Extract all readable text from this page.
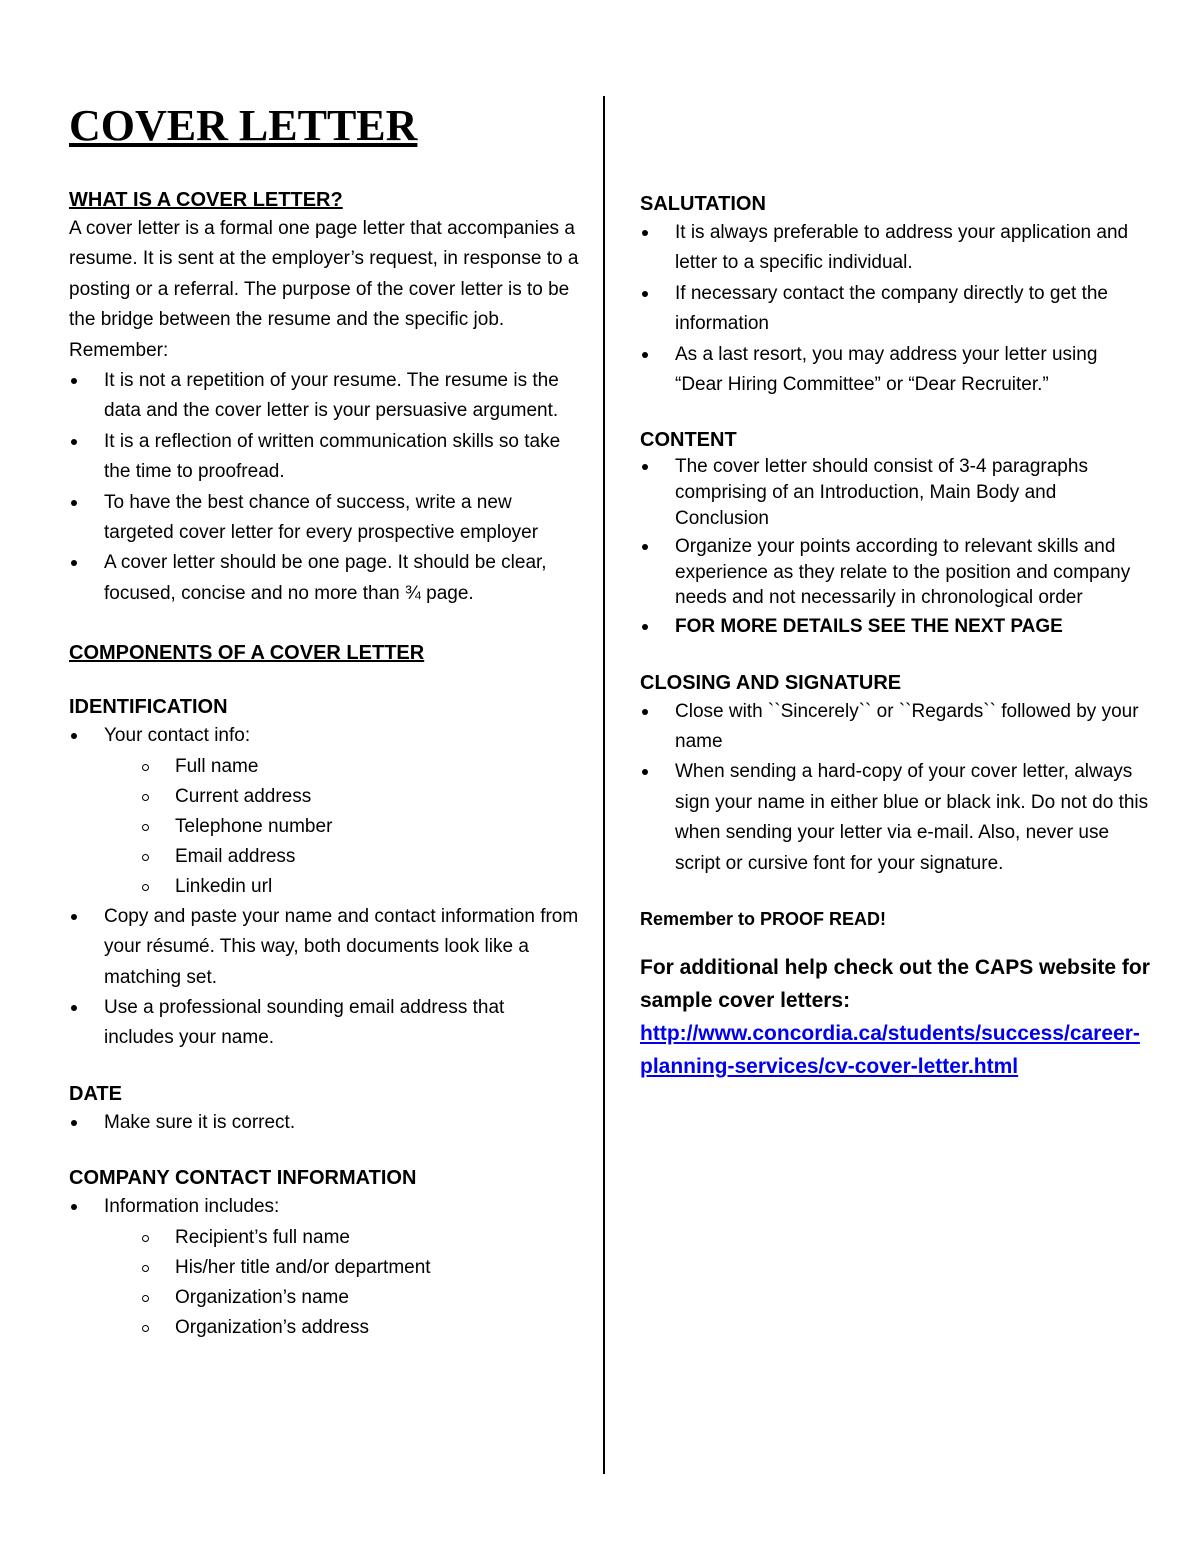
COVER LETTER
WHAT IS A COVER LETTER?

A cover letter is a formal one page letter that accompanies a resume. It is sent at the employer’s request, in response to a posting or a referral. The purpose of the cover letter is to be the bridge between the resume and the specific job.

Remember:

It is not a repetition of your resume. The resume is the data and the cover letter is your persuasive argument.
It is a reflection of written communication skills so take the time to proofread.
To have the best chance of success, write a new targeted cover letter for every prospective employer
A cover letter should be one page. It should be clear, focused, concise and no more than ¾ page.
COMPONENTS OF A COVER LETTER
IDENTIFICATION
Your contact info:
Full name
Current address
Telephone number
Email address
Linkedin url
Copy and paste your name and contact information from your résumé. This way, both documents look like a matching set.
Use a professional sounding email address that includes your name.
DATE
Make sure it is correct.
COMPANY CONTACT INFORMATION
Information includes:
Recipient’s full name
His/her title and/or department
Organization’s name
Organization’s address
SALUTATION
It is always preferable to address your application and letter to a specific individual.
If necessary contact the company directly to get the information
As a last resort, you may address your letter using “Dear Hiring Committee” or “Dear Recruiter.”
CONTENT
The cover letter should consist of 3-4 paragraphs comprising of an Introduction, Main Body and Conclusion
Organize your points according to relevant skills and experience as they relate to the position and company needs and not necessarily in chronological order
FOR MORE DETAILS SEE THE NEXT PAGE
CLOSING AND SIGNATURE
Close with ``Sincerely`` or ``Regards`` followed by your name
When sending a hard-copy of your cover letter, always sign your name in either blue or black ink. Do not do this when sending your letter via e-mail. Also, never use script or cursive font for your signature.

Remember to PROOF READ!

For additional help check out the CAPS website for sample cover letters:

http://www.concordia.ca/students/success/career-planning-services/cv-cover-letter.html
